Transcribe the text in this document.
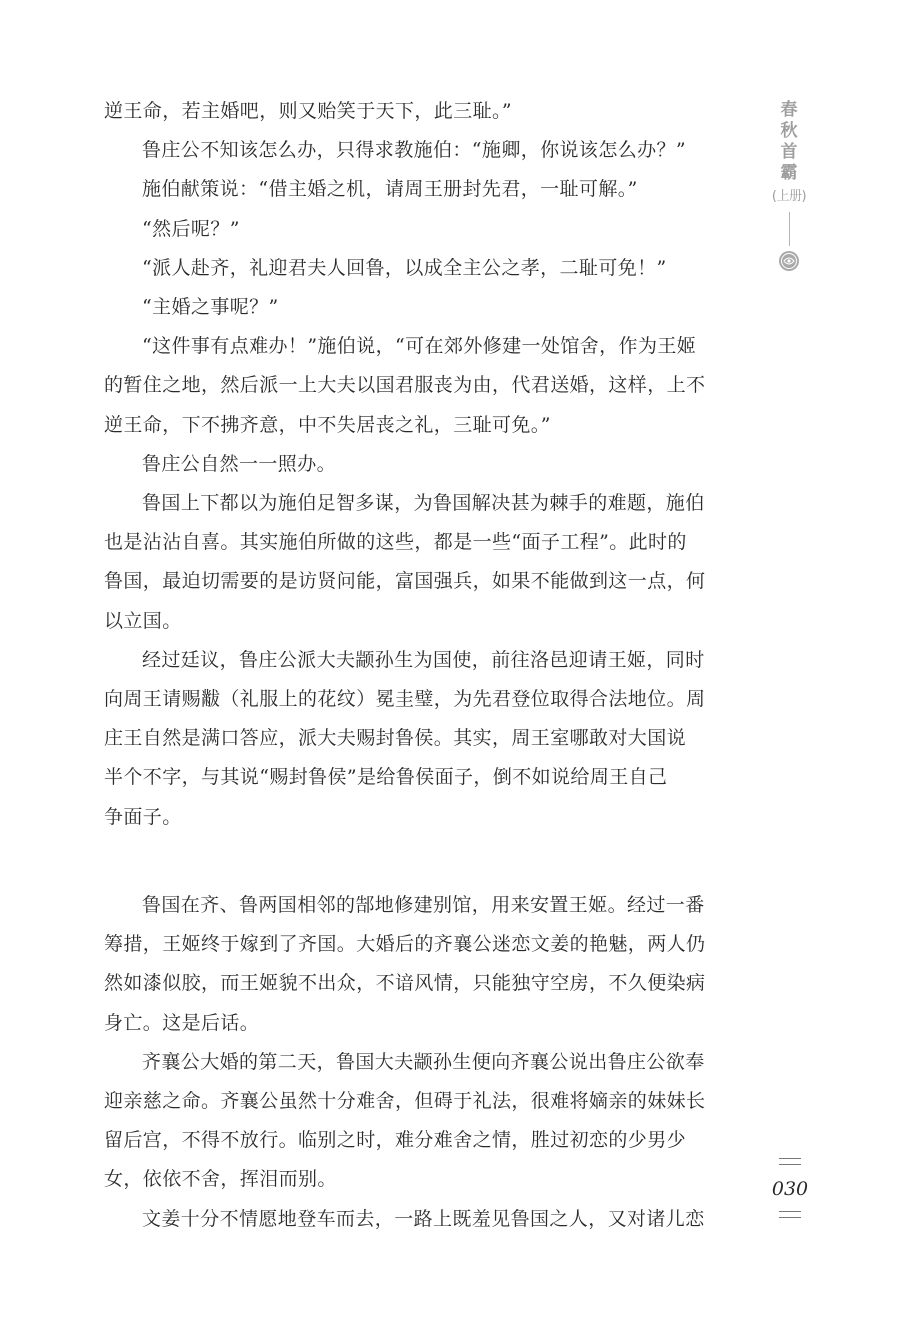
逆王命，若主婚吧，则又贻笑于天下，此三耻。”

鲁庄公不知该怎么办，只得求教施伯：“施卿，你说该怎么办？”

施伯献策说：“借主婚之机，请周王册封先君，一耻可解。”

“然后呢？”

“派人赴齐，礼迎君夫人回鲁，以成全主公之孝，二耻可免！”

“主婚之事呢？”

“这件事有点难办！”施伯说，“可在郊外修建一处馆舍，作为王姬

的暂住之地，然后派一上大夫以国君服丧为由，代君送婚，这样，上不

逆王命，下不拂齐意，中不失居丧之礼，三耻可免。”

鲁庄公自然一一照办。

鲁国上下都以为施伯足智多谋，为鲁国解决甚为棘手的难题，施伯

也是沾沾自喜。其实施伯所做的这些，都是一些“面子工程”。此时的

鲁国，最迫切需要的是访贤问能，富国强兵，如果不能做到这一点，何

以立国。

经过廷议，鲁庄公派大夫颛孙生为国使，前往洛邑迎请王姬，同时

向周王请赐黻（礼服上的花纹）冕圭璧，为先君登位取得合法地位。周

庄王自然是满口答应，派大夫赐封鲁侯。其实，周王室哪敢对大国说

半个不字，与其说“赐封鲁侯”是给鲁侯面子，倒不如说给周王自己

争面子。

鲁国在齐、鲁两国相邻的郜地修建别馆，用来安置王姬。经过一番

筹措，王姬终于嫁到了齐国。大婚后的齐襄公迷恋文姜的艳魅，两人仍

然如漆似胶，而王姬貌不出众，不谙风情，只能独守空房，不久便染病

身亡。这是后话。

齐襄公大婚的第二天，鲁国大夫颛孙生便向齐襄公说出鲁庄公欲奉

迎亲慈之命。齐襄公虽然十分难舍，但碍于礼法，很难将嫡亲的妹妹长

留后宫，不得不放行。临别之时，难分难舍之情，胜过初恋的少男少

女，依依不舍，挥泪而别。

文姜十分不情愿地登车而去，一路上既羞见鲁国之人，又对诸儿恋

春秋首霸
(上册)
030
